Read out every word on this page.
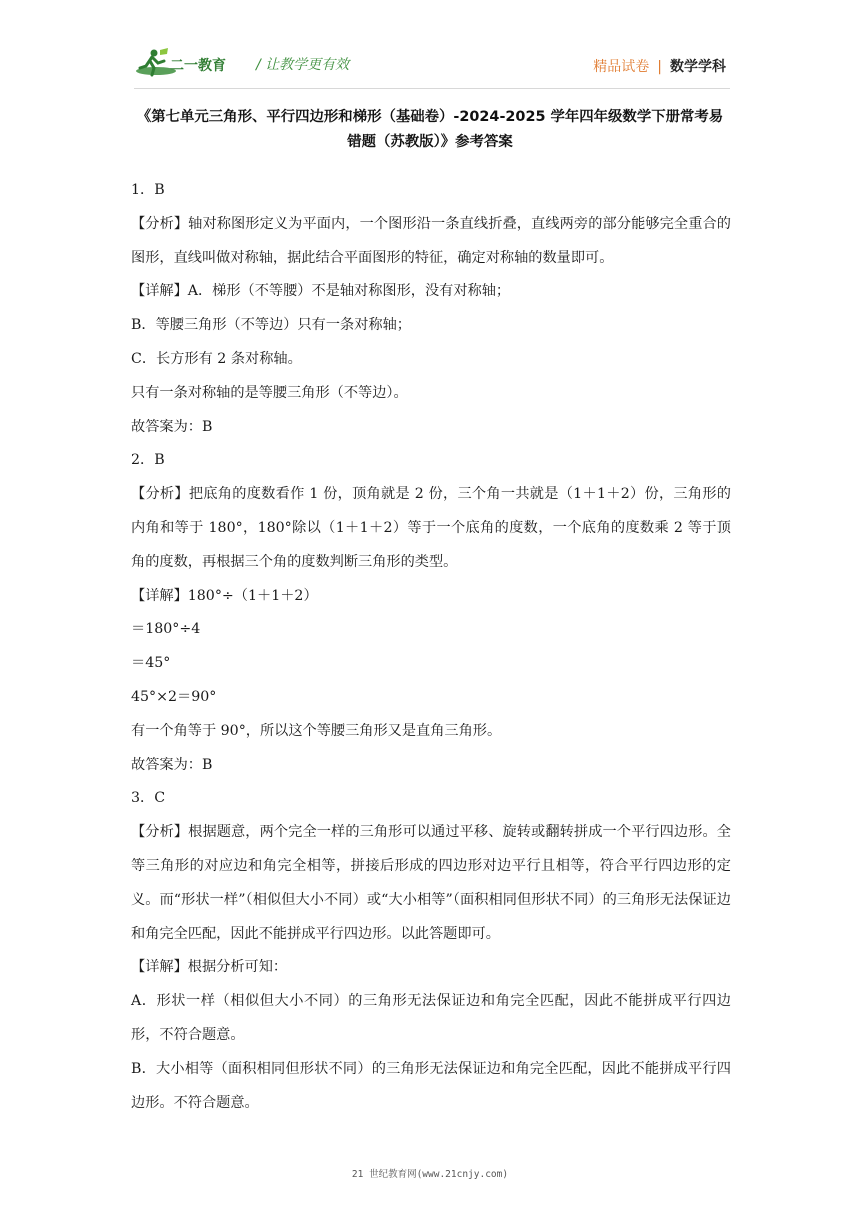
二一教育 / 让教学更有效	精品试卷 | 数学学科
《第七单元三角形、平行四边形和梯形（基础卷）-2024-2025 学年四年级数学下册常考易
错题（苏教版）》参考答案

1．B

【分析】轴对称图形定义为平面内，一个图形沿一条直线折叠，直线两旁的部分能够完全重合的图形，直线叫做对称轴，据此结合平面图形的特征，确定对称轴的数量即可。

【详解】A．梯形（不等腰）不是轴对称图形，没有对称轴；

B．等腰三角形（不等边）只有一条对称轴；

C．长方形有 2 条对称轴。

只有一条对称轴的是等腰三角形（不等边）。

故答案为：B

2．B

【分析】把底角的度数看作 1 份，顶角就是 2 份，三个角一共就是（1＋1＋2）份，三角形的内角和等于 180°，180°除以（1＋1＋2）等于一个底角的度数，一个底角的度数乘 2 等于顶角的度数，再根据三个角的度数判断三角形的类型。

【详解】180°÷（1＋1＋2）

＝180°÷4

＝45°

45°×2＝90°

有一个角等于 90°，所以这个等腰三角形又是直角三角形。

故答案为：B

3．C

【分析】根据题意，两个完全一样的三角形可以通过平移、旋转或翻转拼成一个平行四边形。全等三角形的对应边和角完全相等，拼接后形成的四边形对边平行且相等，符合平行四边形的定义。而“形状一样”（相似但大小不同）或“大小相等”（面积相同但形状不同）的三角形无法保证边和角完全匹配，因此不能拼成平行四边形。以此答题即可。

【详解】根据分析可知：

A．形状一样（相似但大小不同）的三角形无法保证边和角完全匹配，因此不能拼成平行四边形，不符合题意。

B．大小相等（面积相同但形状不同）的三角形无法保证边和角完全匹配，因此不能拼成平行四边形。不符合题意。

21 世纪教育网(www.21cnjy.com)
